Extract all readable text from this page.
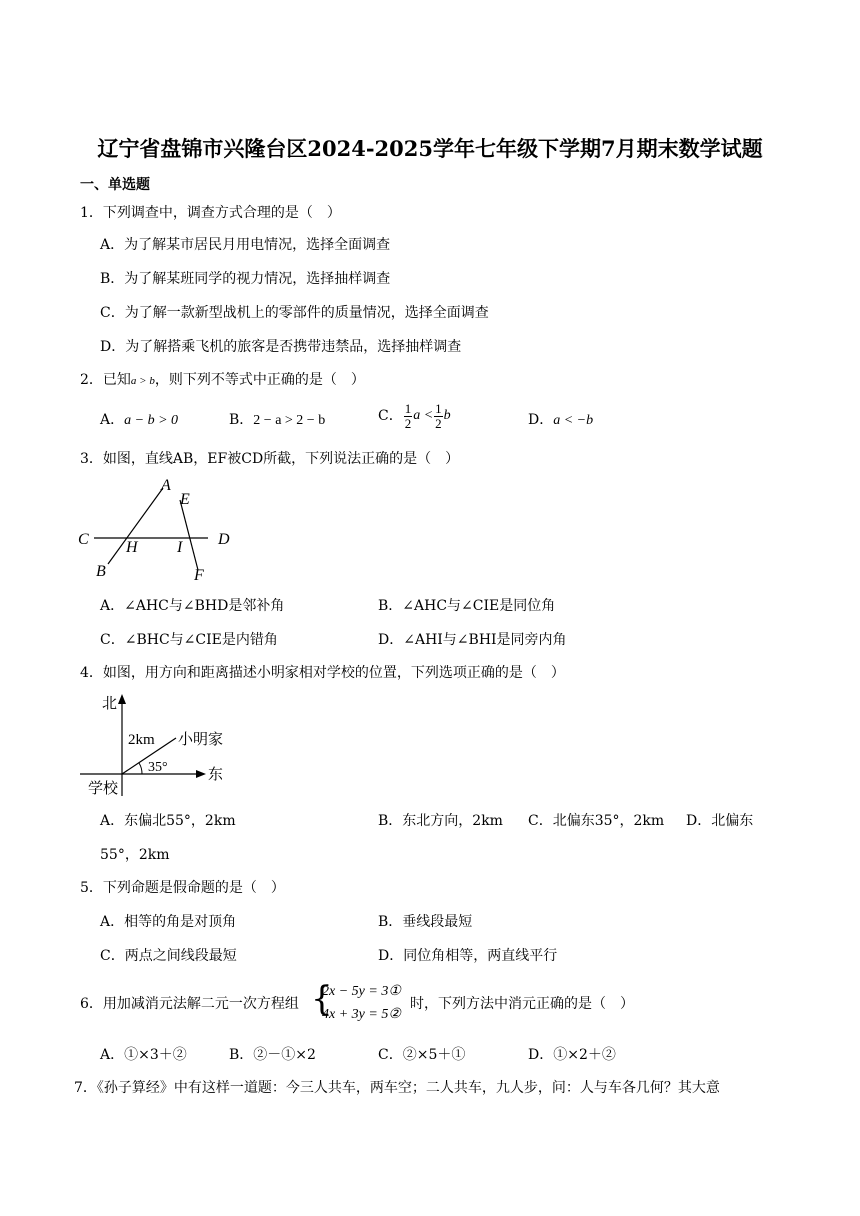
辽宁省盘锦市兴隆台区2024-2025学年七年级下学期7月期末数学试题
一、单选题
1．下列调查中，调查方式合理的是（　）
A．为了解某市居民月用电情况，选择全面调查
B．为了解某班同学的视力情况，选择抽样调查
C．为了解一款新型战机上的零部件的质量情况，选择全面调查
D．为了解搭乘飞机的旅客是否携带违禁品，选择抽样调查
2．已知a > b，则下列不等式中正确的是（　）
A．a − b > 0	B．2 − a > 2 − b	C． $\frac{1}{2}$ $a < \frac{1}{2}$ b	D．a < −b
3．如图，直线AB，EF被CD所截，下列说法正确的是（　）
A
B
C	D
E
F
H I
A．∠AHC与∠BHD是邻补角	B．∠AHC与∠CIE是同位角
C．∠BHC与∠CIE是内错角	D．∠AHI与∠BHI是同旁内角
4．如图，用方向和距离描述小明家相对学校的位置，下列选项正确的是（　）
北
东
学校
小明家
2km
35°
A．东偏北55°，2km	B．东北方向，2km C．北偏东35°，2km D．北偏东
55°，2km
5．下列命题是假命题的是（　）
A．相等的角是对顶角	B．垂线段最短
C．两点之间线段最短	D．同位角相等，两直线平行
6．用加减消元法解二元一次方程组 {
2x − 5y = 3①
4x + 3y = 5②
时，下列方法中消元正确的是（　）
A．①×3＋②	B．②－①×2	C．②×5＋①	D．①×2＋②
7．《孙子算经》中有这样一道题：今三人共车，两车空；二人共车，九人步，问：人与车各几何？其大意
